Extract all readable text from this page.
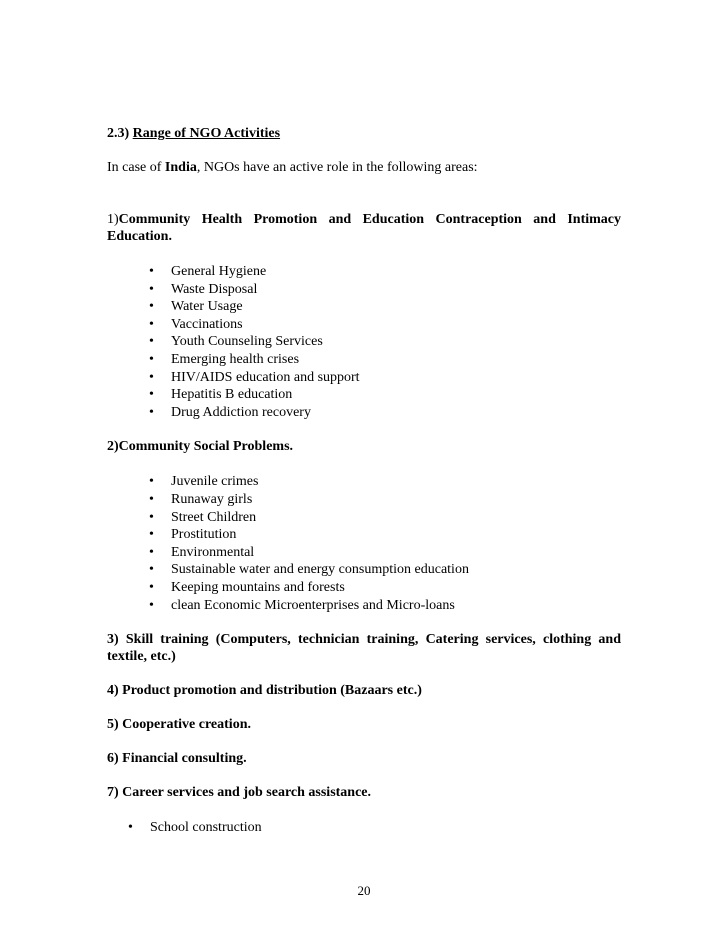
2.3) Range of NGO Activities

In case of India, NGOs have an active role in the following areas:

1)Community Health Promotion and Education Contraception and Intimacy Education.

• General Hygiene
• Waste Disposal
• Water Usage
• Vaccinations
• Youth Counseling Services
• Emerging health crises
• HIV/AIDS education and support
• Hepatitis B education
• Drug Addiction recovery

2)Community Social Problems.

• Juvenile crimes
• Runaway girls
• Street Children
• Prostitution
• Environmental
• Sustainable water and energy consumption education
• Keeping mountains and forests
• clean Economic Microenterprises and Micro-loans

3) Skill training (Computers, technician training, Catering services, clothing and textile, etc.)

4) Product promotion and distribution (Bazaars etc.)

5) Cooperative creation.

6) Financial consulting.

7) Career services and job search assistance.

• School construction
20
